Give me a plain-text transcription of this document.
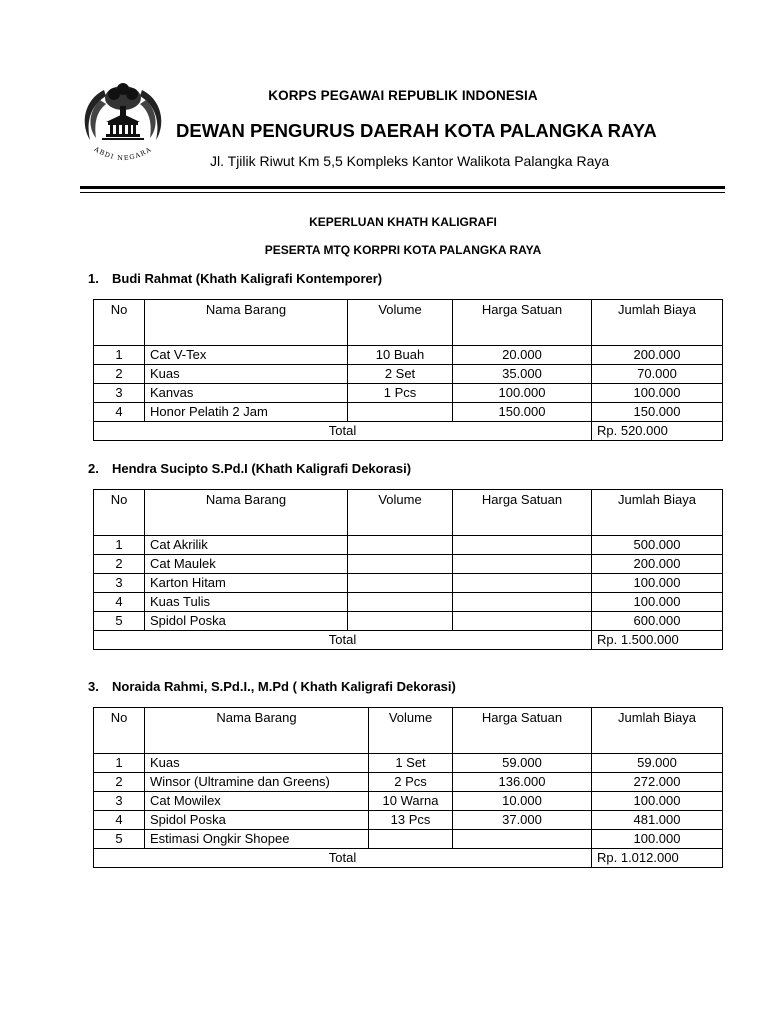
ABDI NEGARA
KORPS PEGAWAI REPUBLIK INDONESIA
DEWAN PENGURUS DAERAH KOTA PALANGKA RAYA
Jl. Tjilik Riwut Km 5,5 Kompleks Kantor Walikota Palangka Raya
KEPERLUAN KHATH KALIGRAFI
PESERTA MTQ KORPRI KOTA PALANGKA RAYA
1. Budi Rahmat (Khath Kaligrafi Kontemporer)
No	Nama Barang	Volume	Harga Satuan	Jumlah Biaya
1	Cat V-Tex	10 Buah	20.000	200.000
2	Kuas	2 Set	35.000	70.000
3	Kanvas	1 Pcs	100.000	100.000
4	Honor Pelatih 2 Jam		150.000	150.000
Total				Rp. 520.000
2. Hendra Sucipto S.Pd.I (Khath Kaligrafi Dekorasi)
No	Nama Barang	Volume	Harga Satuan	Jumlah Biaya
1	Cat Akrilik			500.000
2	Cat Maulek			200.000
3	Karton Hitam			100.000
4	Kuas Tulis			100.000
5	Spidol Poska			600.000
Total				Rp. 1.500.000
3. Noraida Rahmi, S.Pd.I., M.Pd ( Khath Kaligrafi Dekorasi)
No	Nama Barang	Volume	Harga Satuan	Jumlah Biaya
1	Kuas	1 Set	59.000	59.000
2	Winsor (Ultramine dan Greens)	2 Pcs	136.000	272.000
3	Cat Mowilex	10 Warna	10.000	100.000
4	Spidol Poska	13 Pcs	37.000	481.000
5	Estimasi Ongkir Shopee			100.000
Total				Rp. 1.012.000
